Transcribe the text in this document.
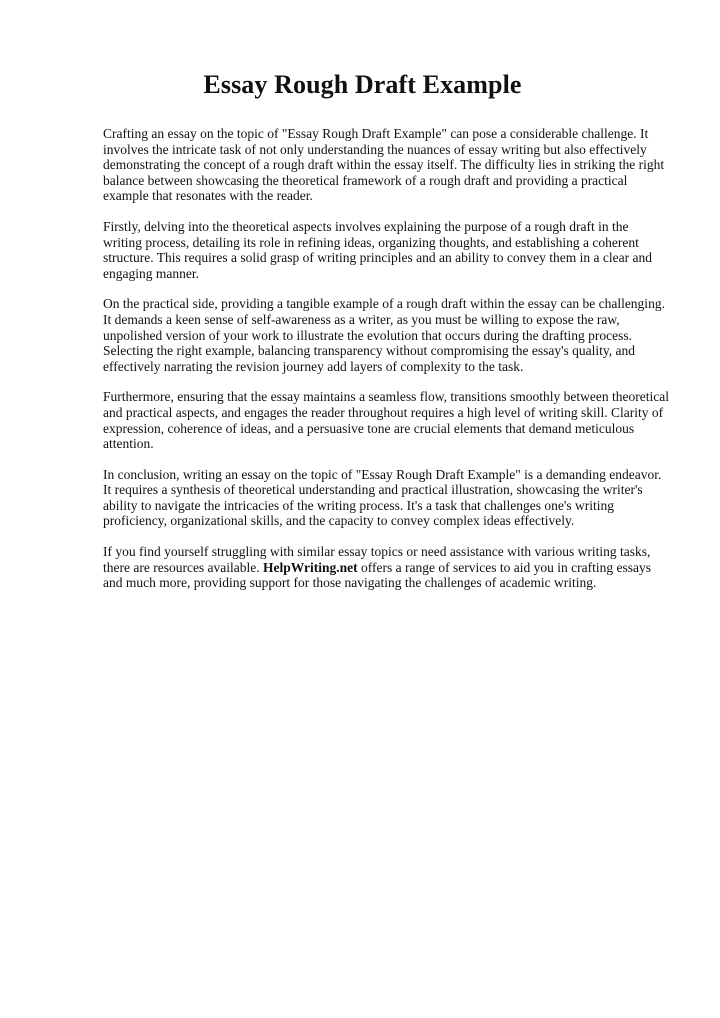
Essay Rough Draft Example

Crafting an essay on the topic of "Essay Rough Draft Example" can pose a considerable challenge. It involves the intricate task of not only understanding the nuances of essay writing but also effectively demonstrating the concept of a rough draft within the essay itself. The difficulty lies in striking the right balance between showcasing the theoretical framework of a rough draft and providing a practical example that resonates with the reader.

Firstly, delving into the theoretical aspects involves explaining the purpose of a rough draft in the writing process, detailing its role in refining ideas, organizing thoughts, and establishing a coherent structure. This requires a solid grasp of writing principles and an ability to convey them in a clear and engaging manner.

On the practical side, providing a tangible example of a rough draft within the essay can be challenging. It demands a keen sense of self-awareness as a writer, as you must be willing to expose the raw, unpolished version of your work to illustrate the evolution that occurs during the drafting process. Selecting the right example, balancing transparency without compromising the essay's quality, and effectively narrating the revision journey add layers of complexity to the task.

Furthermore, ensuring that the essay maintains a seamless flow, transitions smoothly between theoretical and practical aspects, and engages the reader throughout requires a high level of writing skill. Clarity of expression, coherence of ideas, and a persuasive tone are crucial elements that demand meticulous attention.

In conclusion, writing an essay on the topic of "Essay Rough Draft Example" is a demanding endeavor. It requires a synthesis of theoretical understanding and practical illustration, showcasing the writer's ability to navigate the intricacies of the writing process. It's a task that challenges one's writing proficiency, organizational skills, and the capacity to convey complex ideas effectively.

If you find yourself struggling with similar essay topics or need assistance with various writing tasks, there are resources available. HelpWriting.net offers a range of services to aid you in crafting essays and much more, providing support for those navigating the challenges of academic writing.
